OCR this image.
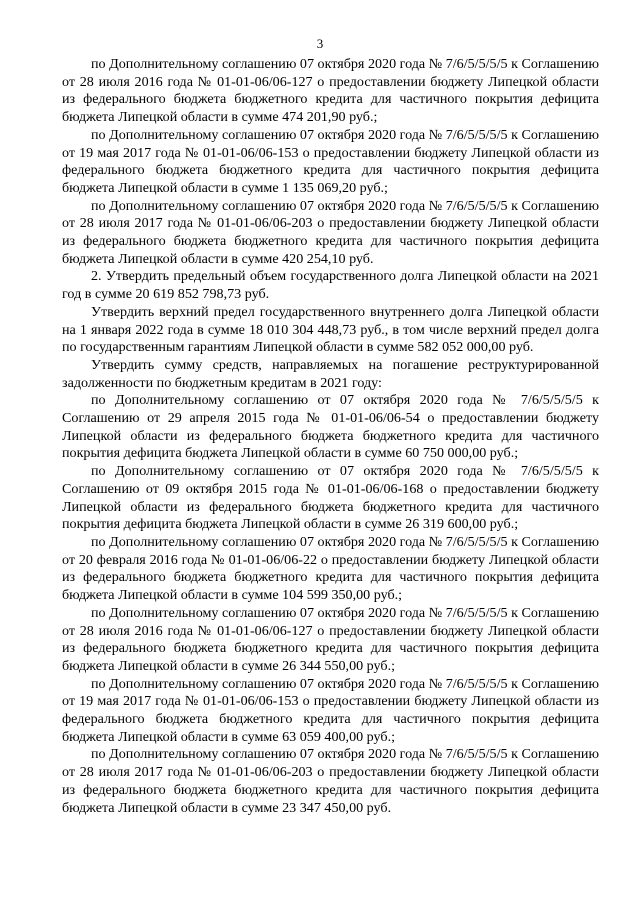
3

по Дополнительному соглашению 07 октября 2020 года № 7/6/5/5/5/5 к Соглашению от 28 июля 2016 года № 01-01-06/06-127 о предоставлении бюджету Липецкой области из федерального бюджета бюджетного кредита для частичного покрытия дефицита бюджета Липецкой области в сумме 474 201,90 руб.;

по Дополнительному соглашению 07 октября 2020 года № 7/6/5/5/5/5 к Соглашению от 19 мая 2017 года № 01-01-06/06-153 о предоставлении бюджету Липецкой области из федерального бюджета бюджетного кредита для частичного покрытия дефицита бюджета Липецкой области в сумме 1 135 069,20 руб.;

по Дополнительному соглашению 07 октября 2020 года № 7/6/5/5/5/5 к Соглашению от 28 июля 2017 года № 01-01-06/06-203 о предоставлении бюджету Липецкой области из федерального бюджета бюджетного кредита для частичного покрытия дефицита бюджета Липецкой области в сумме 420 254,10 руб.

2. Утвердить предельный объем государственного долга Липецкой области на 2021 год в сумме 20 619 852 798,73 руб.

Утвердить верхний предел государственного внутреннего долга Липецкой области на 1 января 2022 года в сумме 18 010 304 448,73 руб., в том числе верхний предел долга по государственным гарантиям Липецкой области в сумме 582 052 000,00 руб.

Утвердить сумму средств, направляемых на погашение реструктурированной задолженности по бюджетным кредитам в 2021 году:

по Дополнительному соглашению от 07 октября 2020 года № 7/6/5/5/5/5 к Соглашению от 29 апреля 2015 года № 01-01-06/06-54 о предоставлении бюджету Липецкой области из федерального бюджета бюджетного кредита для частичного покрытия дефицита бюджета Липецкой области в сумме 60 750 000,00 руб.;

по Дополнительному соглашению от 07 октября 2020 года № 7/6/5/5/5/5 к Соглашению от 09 октября 2015 года № 01-01-06/06-168 о предоставлении бюджету Липецкой области из федерального бюджета бюджетного кредита для частичного покрытия дефицита бюджета Липецкой области в сумме 26 319 600,00 руб.;

по Дополнительному соглашению 07 октября 2020 года № 7/6/5/5/5/5 к Соглашению от 20 февраля 2016 года № 01-01-06/06-22 о предоставлении бюджету Липецкой области из федерального бюджета бюджетного кредита для частичного покрытия дефицита бюджета Липецкой области в сумме 104 599 350,00 руб.;

по Дополнительному соглашению 07 октября 2020 года № 7/6/5/5/5/5 к Соглашению от 28 июля 2016 года № 01-01-06/06-127 о предоставлении бюджету Липецкой области из федерального бюджета бюджетного кредита для частичного покрытия дефицита бюджета Липецкой области в сумме 26 344 550,00 руб.;

по Дополнительному соглашению 07 октября 2020 года № 7/6/5/5/5/5 к Соглашению от 19 мая 2017 года № 01-01-06/06-153 о предоставлении бюджету Липецкой области из федерального бюджета бюджетного кредита для частичного покрытия дефицита бюджета Липецкой области в сумме 63 059 400,00 руб.;

по Дополнительному соглашению 07 октября 2020 года № 7/6/5/5/5/5 к Соглашению от 28 июля 2017 года № 01-01-06/06-203 о предоставлении бюджету Липецкой области из федерального бюджета бюджетного кредита для частичного покрытия дефицита бюджета Липецкой области в сумме 23 347 450,00 руб.
